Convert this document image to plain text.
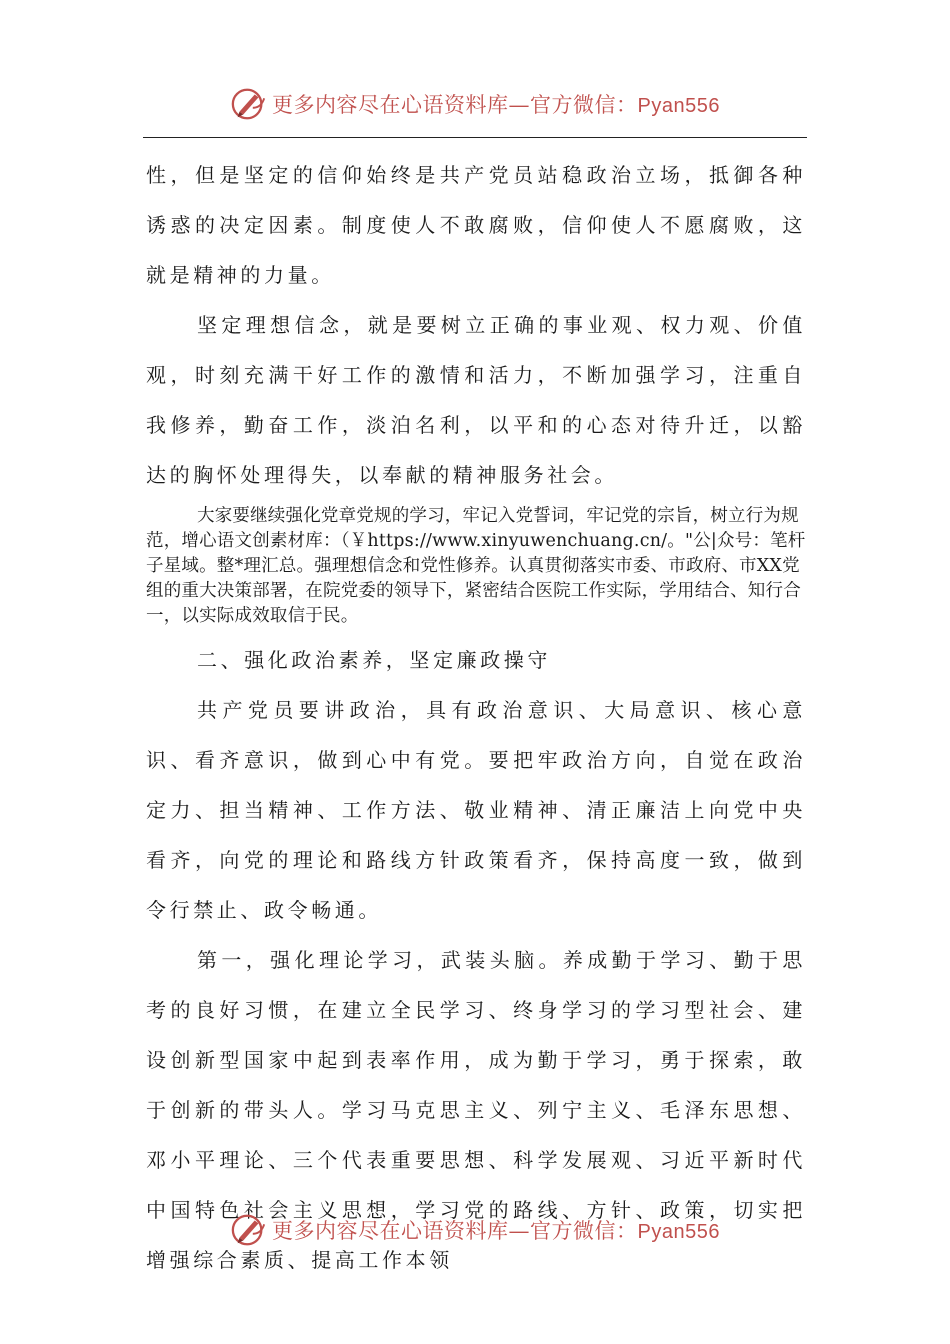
更多内容尽在心语资料库—官方微信：Pyan556

性，但是坚定的信仰始终是共产党员站稳政治立场，抵御各种诱惑的决定因素。制度使人不敢腐败，信仰使人不愿腐败，这就是精神的力量。

坚定理想信念，就是要树立正确的事业观、权力观、价值观，时刻充满干好工作的激情和活力，不断加强学习，注重自我修养，勤奋工作，淡泊名利，以平和的心态对待升迁，以豁达的胸怀处理得失，以奉献的精神服务社会。

大家要继续强化党章党规的学习，牢记入党誓词，牢记党的宗旨，树立行为规范，增心语文创素材库：（￥https://www.xinyuwenchuang.cn/。"公|众号：笔杆子星域。整*理汇总。强理想信念和党性修养。认真贯彻落实市委、市政府、市XX党组的重大决策部署，在院党委的领导下，紧密结合医院工作实际，学用结合、知行合一，以实际成效取信于民。

二、强化政治素养，坚定廉政操守

共产党员要讲政治，具有政治意识、大局意识、核心意识、看齐意识，做到心中有党。要把牢政治方向，自觉在政治定力、担当精神、工作方法、敬业精神、清正廉洁上向党中央看齐，向党的理论和路线方针政策看齐，保持高度一致，做到令行禁止、政令畅通。

第一，强化理论学习，武装头脑。养成勤于学习、勤于思考的良好习惯，在建立全民学习、终身学习的学习型社会、建设创新型国家中起到表率作用，成为勤于学习，勇于探索，敢于创新的带头人。学习马克思主义、列宁主义、毛泽东思想、邓小平理论、三个代表重要思想、科学发展观、习近平新时代中国特色社会主义思想，学习党的路线、方针、政策，切实把增强综合素质、提高工作本领

更多内容尽在心语资料库—官方微信：Pyan556
